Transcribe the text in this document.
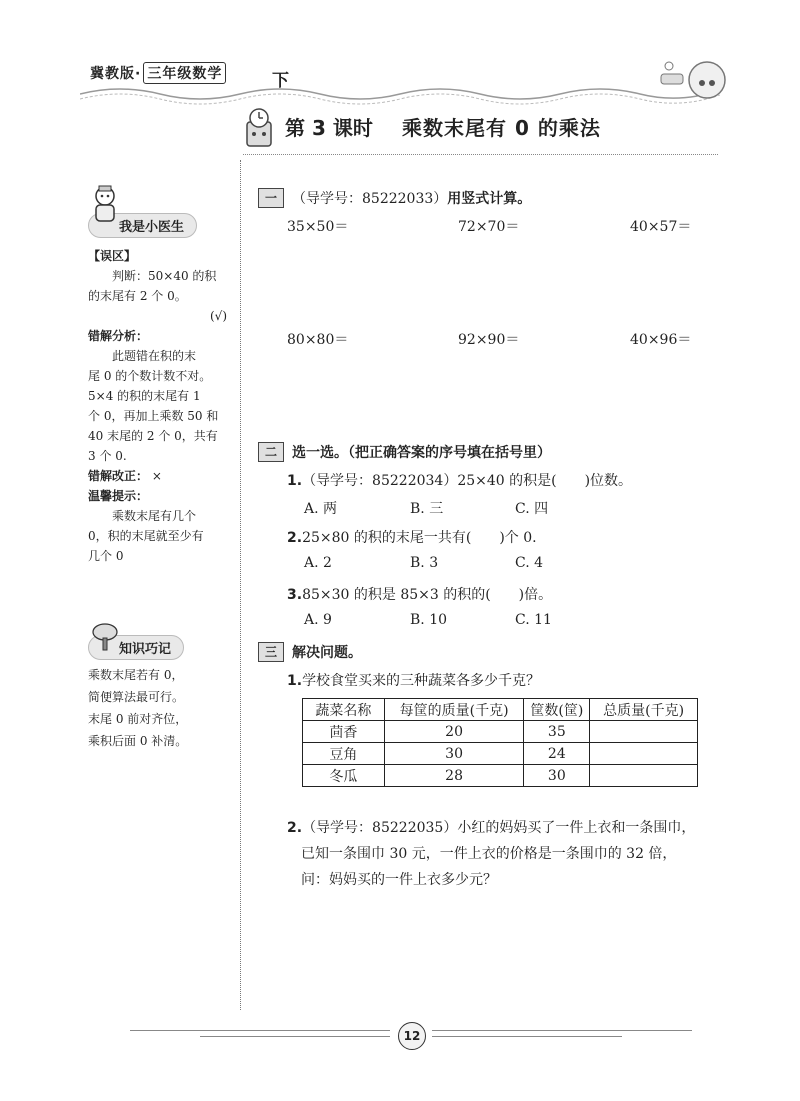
冀教版· 三年级数学	下
第 3 课时 乘数末尾有 0 的乘法
我是小医生
【误区】
判断：50×40 的积
的末尾有 2 个 0。
(√)
错解分析：
此题错在积的末
尾 0 的个数计数不对。
5×4 的积的末尾有 1
个 0，再加上乘数 50 和
40 末尾的 2 个 0，共有
3 个 0.
错解改正： ×
温馨提示：
乘数末尾有几个
0，积的末尾就至少有
几个 0
知识巧记
乘数末尾若有 0，
简便算法最可行。
末尾 0 前对齐位，
乘积后面 0 补清。
一	（导学号：85222033） 用竖式计算。
35×50＝	72×70＝	40×57＝
80×80＝	92×90＝	40×96＝
二	选一选。（把正确答案的序号填在括号里）
1.（导学号：85222034）25×40 的积是(　　)位数。
A. 两	B. 三	C. 四
2.25×80 的积的末尾一共有(　　)个 0.
A. 2	B. 3	C. 4
3.85×30 的积是 85×3 的积的(　　)倍。
A. 9	B. 10	C. 11
三	解决问题。
1.学校食堂买来的三种蔬菜各多少千克？
蔬菜名称	每筐的质量(千克)	筐数(筐)	总质量(千克)
茴香	20	35	
豆角	30	24	
冬瓜	28	30	
2.（导学号：85222035）小红的妈妈买了一件上衣和一条围巾，
已知一条围巾 30 元，一件上衣的价格是一条围巾的 32 倍，
问：妈妈买的一件上衣多少元？
12
